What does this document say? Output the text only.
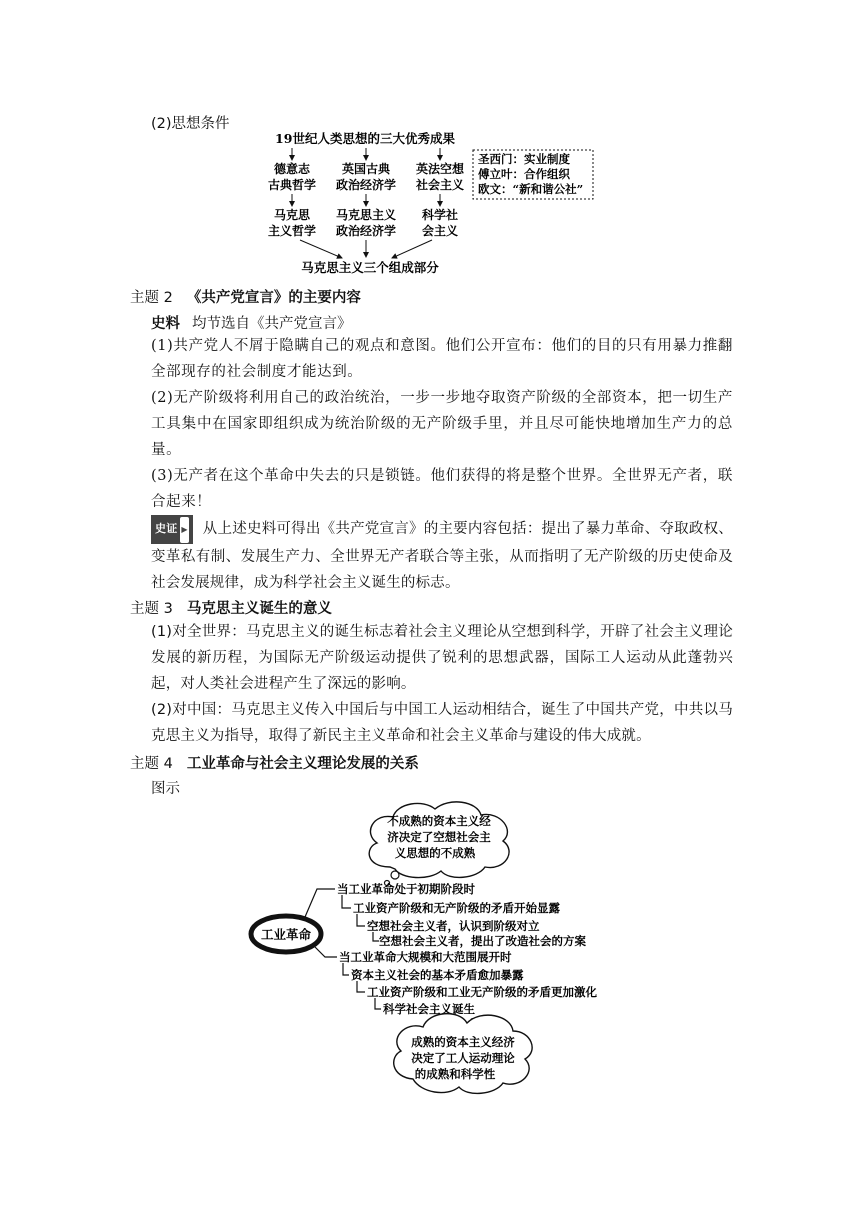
(2)思想条件
19世纪人类思想的三大优秀成果
德意志
古典哲学
英国古典
政治经济学
英法空想
社会主义
圣西门：实业制度
傅立叶：合作组织
欧文：“新和谐公社”
马克思
主义哲学
马克思主义
政治经济学
科学社
会主义
马克思主义三个组成部分
主题 2 《共产党宣言》的主要内容
史料 均节选自《共产党宣言》
(1)共产党人不屑于隐瞒自己的观点和意图。他们公开宣布：他们的目的只有用暴力推翻全部现存的社会制度才能达到。
(2)无产阶级将利用自己的政治统治，一步一步地夺取资产阶级的全部资本，把一切生产工具集中在国家即组织成为统治阶级的无产阶级手里，并且尽可能快地增加生产力的总量。
(3)无产者在这个革命中失去的只是锁链。他们获得的将是整个世界。全世界无产者，联合起来！
史证 ▶ 从上述史料可得出《共产党宣言》的主要内容包括：提出了暴力革命、夺取政权、变革私有制、发展生产力、全世界无产者联合等主张，从而指明了无产阶级的历史使命及社会发展规律，成为科学社会主义诞生的标志。
主题 3 马克思主义诞生的意义
(1)对全世界：马克思主义的诞生标志着社会主义理论从空想到科学，开辟了社会主义理论发展的新历程，为国际无产阶级运动提供了锐利的思想武器，国际工人运动从此蓬勃兴起，对人类社会进程产生了深远的影响。
(2)对中国：马克思主义传入中国后与中国工人运动相结合，诞生了中国共产党，中共以马克思主义为指导，取得了新民主主义革命和社会主义革命与建设的伟大成就。
主题 4 工业革命与社会主义理论发展的关系
图示
不成熟的资本主义经
济决定了空想社会主
义思想的不成熟
工业革命
当工业革命处于初期阶段时
工业资产阶级和无产阶级的矛盾开始显露
空想社会主义者，认识到阶级对立
空想社会主义者，提出了改造社会的方案
当工业革命大规模和大范围展开时
资本主义社会的基本矛盾愈加暴露
工业资产阶级和工业无产阶级的矛盾更加激化
科学社会主义诞生
成熟的资本主义经济
决定了工人运动理论
的成熟和科学性
